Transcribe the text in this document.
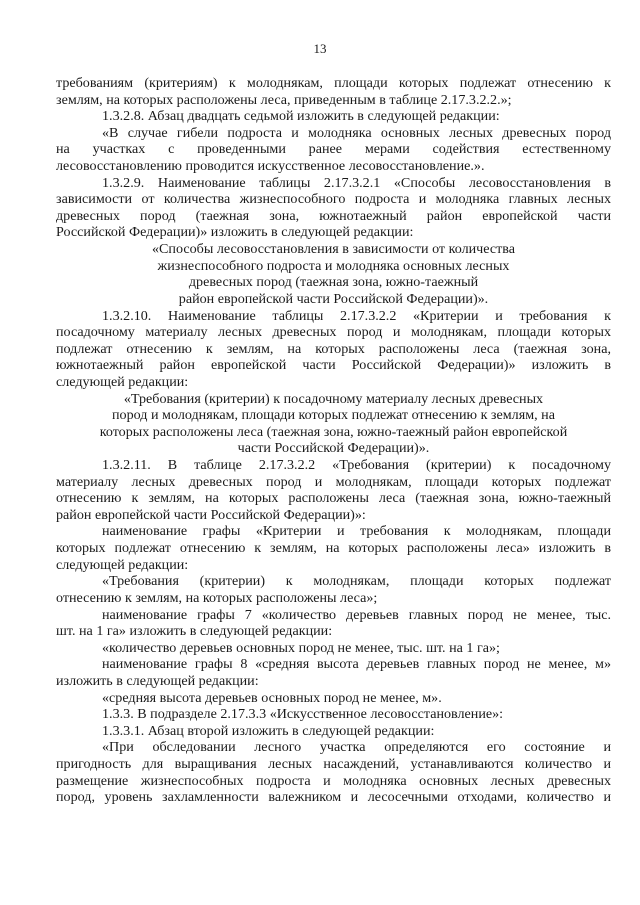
13
требованиям (критериям) к молоднякам, площади которых подлежат отнесению к
землям, на которых расположены леса, приведенным в таблице 2.17.3.2.2.»;
1.3.2.8. Абзац двадцать седьмой изложить в следующей редакции:
«В случае гибели подроста и молодняка основных лесных древесных пород
на участках с проведенными ранее мерами содействия естественному
лесовосстановлению проводится искусственное лесовосстановление.».
1.3.2.9. Наименование таблицы 2.17.3.2.1 «Способы лесовосстановления в
зависимости от количества жизнеспособного подроста и молодняка главных лесных
древесных пород (таежная зона, южнотаежный район европейской части
Российской Федерации)» изложить в следующей редакции:
«Способы лесовосстановления в зависимости от количества
жизнеспособного подроста и молодняка основных лесных
древесных пород (таежная зона, южно-таежный
район европейской части Российской Федерации)».
1.3.2.10. Наименование таблицы 2.17.3.2.2 «Критерии и требования к
посадочному материалу лесных древесных пород и молоднякам, площади которых
подлежат отнесению к землям, на которых расположены леса (таежная зона,
южнотаежный район европейской части Российской Федерации)» изложить в
следующей редакции:
«Требования (критерии) к посадочному материалу лесных древесных
пород и молоднякам, площади которых подлежат отнесению к землям, на
которых расположены леса (таежная зона, южно-таежный район европейской
части Российской Федерации)».
1.3.2.11. В таблице 2.17.3.2.2 «Требования (критерии) к посадочному
материалу лесных древесных пород и молоднякам, площади которых подлежат
отнесению к землям, на которых расположены леса (таежная зона, южно-таежный
район европейской части Российской Федерации)»:
наименование графы «Критерии и требования к молоднякам, площади
которых подлежат отнесению к землям, на которых расположены леса» изложить в
следующей редакции:
«Требования (критерии) к молоднякам, площади которых подлежат
отнесению к землям, на которых расположены леса»;
наименование графы 7 «количество деревьев главных пород не менее, тыс.
шт. на 1 га» изложить в следующей редакции:
«количество деревьев основных пород не менее, тыс. шт. на 1 га»;
наименование графы 8 «средняя высота деревьев главных пород не менее, м»
изложить в следующей редакции:
«средняя высота деревьев основных пород не менее, м».
1.3.3. В подразделе 2.17.3.3 «Искусственное лесовосстановление»:
1.3.3.1. Абзац второй изложить в следующей редакции:
«При обследовании лесного участка определяются его состояние и
пригодность для выращивания лесных насаждений, устанавливаются количество и
размещение жизнеспособных подроста и молодняка основных лесных древесных
пород, уровень захламленности валежником и лесосечными отходами, количество и
